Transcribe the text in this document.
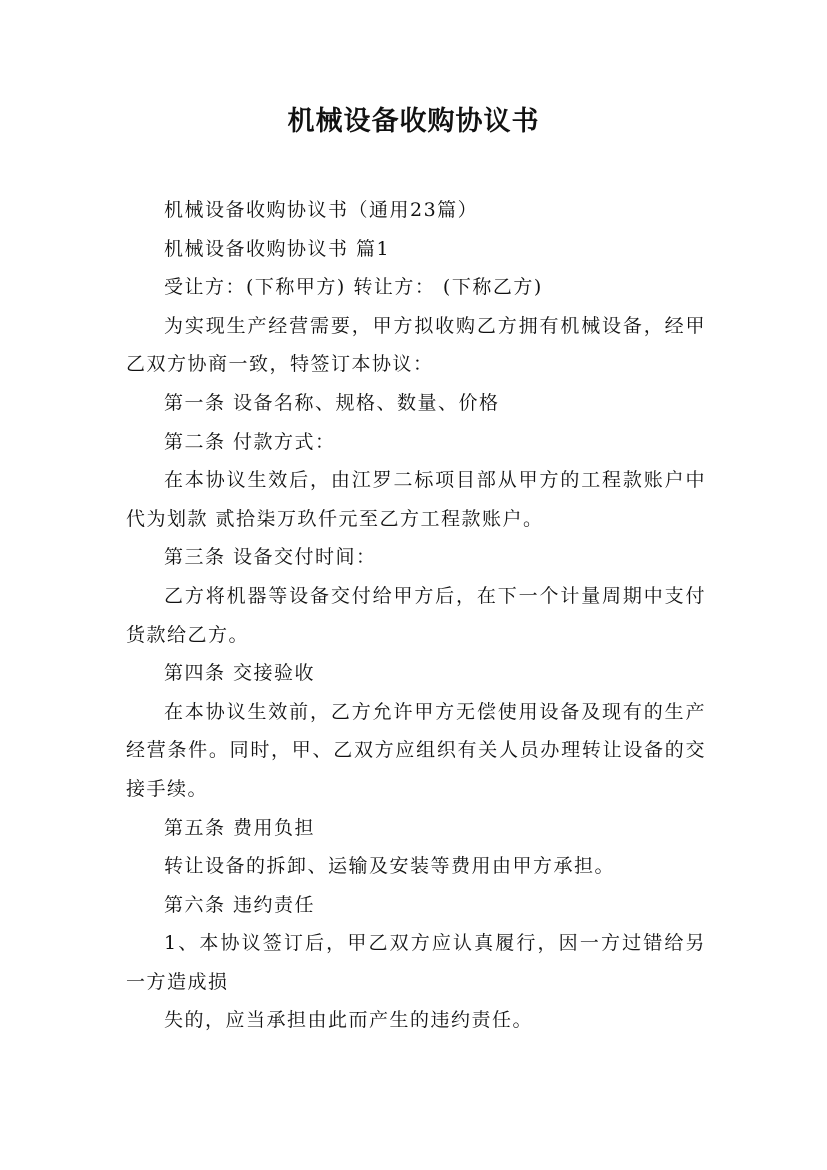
机械设备收购协议书

机械设备收购协议书（通用23篇）

机械设备收购协议书 篇1

受让方：(下称甲方) 转让方： (下称乙方)

为实现生产经营需要，甲方拟收购乙方拥有机械设备，经甲乙双方协商一致，特签订本协议：

第一条 设备名称、规格、数量、价格

第二条 付款方式：

在本协议生效后，由江罗二标项目部从甲方的工程款账户中代为划款 贰拾柒万玖仟元至乙方工程款账户。

第三条 设备交付时间：

乙方将机器等设备交付给甲方后，在下一个计量周期中支付货款给乙方。

第四条 交接验收

在本协议生效前，乙方允许甲方无偿使用设备及现有的生产经营条件。同时，甲、乙双方应组织有关人员办理转让设备的交接手续。

第五条 费用负担

转让设备的拆卸、运输及安装等费用由甲方承担。

第六条 违约责任

1、本协议签订后，甲乙双方应认真履行，因一方过错给另一方造成损

失的，应当承担由此而产生的违约责任。
